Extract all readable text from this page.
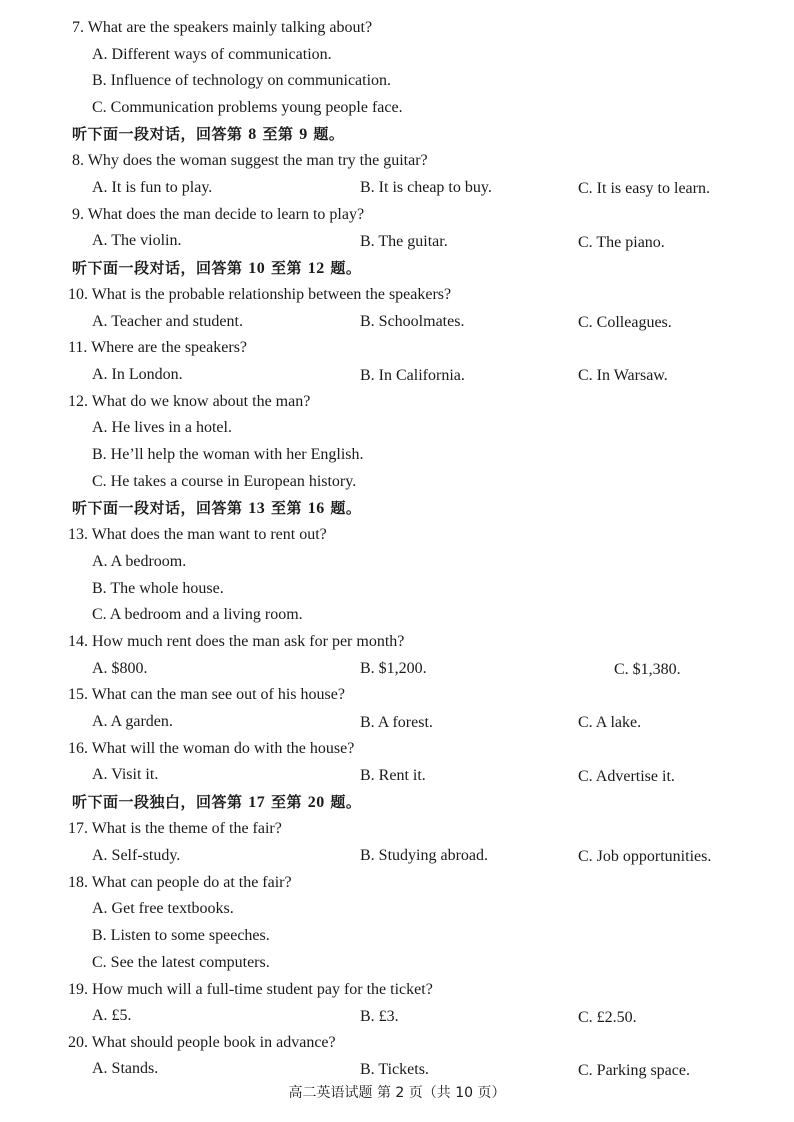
7. What are the speakers mainly talking about?
A. Different ways of communication.
B. Influence of technology on communication.
C. Communication problems young people face.
听下面一段对话，回答第 8 至第 9 题。
8. Why does the woman suggest the man try the guitar?
A. It is fun to play.	B. It is cheap to buy.	C. It is easy to learn.
9. What does the man decide to learn to play?
A. The violin.	B. The guitar.	C. The piano.
听下面一段对话，回答第 10 至第 12 题。
10. What is the probable relationship between the speakers?
A. Teacher and student.	B. Schoolmates.	C. Colleagues.
11. Where are the speakers?
A. In London.	B. In California.	C. In Warsaw.
12. What do we know about the man?
A. He lives in a hotel.
B. He’ll help the woman with her English.
C. He takes a course in European history.
听下面一段对话，回答第 13 至第 16 题。
13. What does the man want to rent out?
A. A bedroom.
B. The whole house.
C. A bedroom and a living room.
14. How much rent does the man ask for per month?
A. $800.	B. $1,200.	C. $1,380.
15. What can the man see out of his house?
A. A garden.	B. A forest.	C. A lake.
16. What will the woman do with the house?
A. Visit it.	B. Rent it.	C. Advertise it.
听下面一段独白，回答第 17 至第 20 题。
17. What is the theme of the fair?
A. Self-study.	B. Studying abroad.	C. Job opportunities.
18. What can people do at the fair?
A. Get free textbooks.
B. Listen to some speeches.
C. See the latest computers.
19. How much will a full-time student pay for the ticket?
A. £5.	B. £3.	C. £2.50.
20. What should people book in advance?
A. Stands.	B. Tickets.	C. Parking space.
高二英语试题 第 2 页（共 10 页）
